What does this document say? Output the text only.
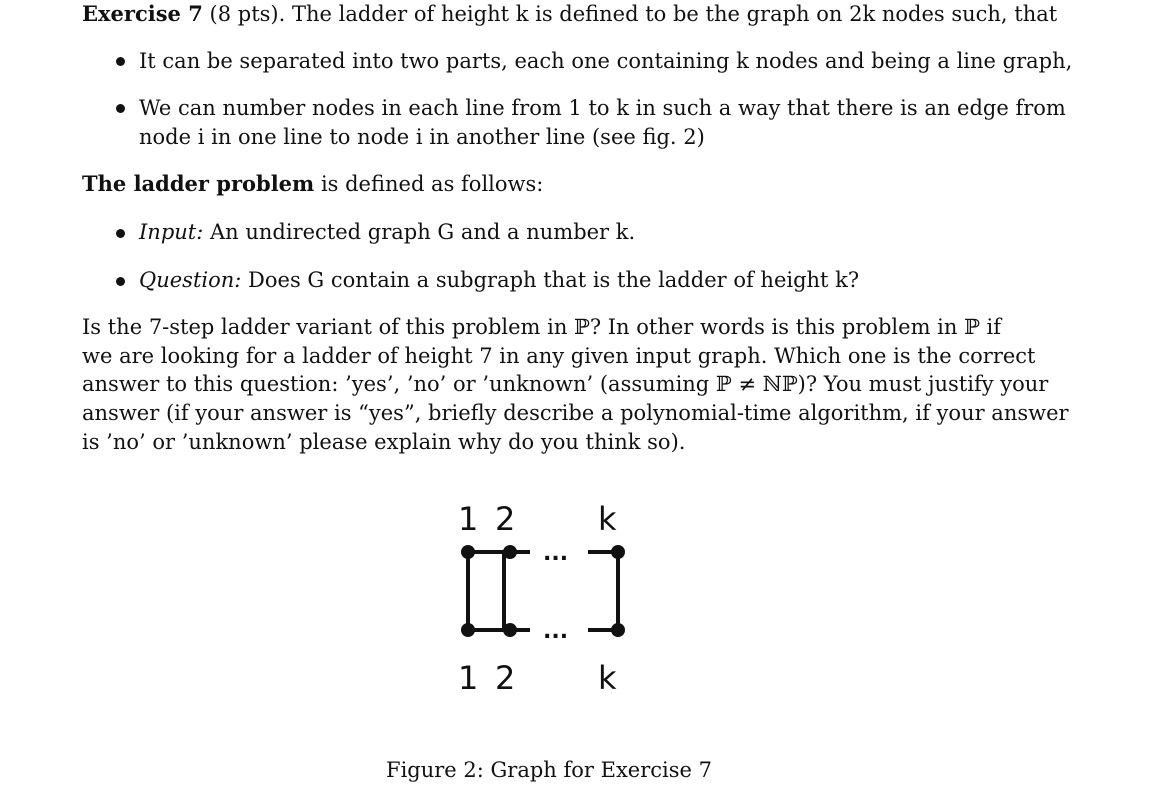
Exercise 7 (8 pts). The ladder of height k is defined to be the graph on 2k nodes such, that
It can be separated into two parts, each one containing k nodes and being a line graph,
We can number nodes in each line from 1 to k in such a way that there is an edge from
node i in one line to node i in another line (see fig. 2)
The ladder problem is defined as follows:
Input: An undirected graph G and a number k.
Question: Does G contain a subgraph that is the ladder of height k?
Is the 7-step ladder variant of this problem in ℙ? In other words is this problem in ℙ if
we are looking for a ladder of height 7 in any given input graph. Which one is the correct
answer to this question: ’yes’, ’no’ or ’unknown’ (assuming ℙ ≠ ℕℙ)? You must justify your
answer (if your answer is “yes”, briefly describe a polynomial-time algorithm, if your answer
is ’no’ or ’unknown’ please explain why do you think so).
1 2	k
...
...
1 2	k
Figure 2: Graph for Exercise 7
